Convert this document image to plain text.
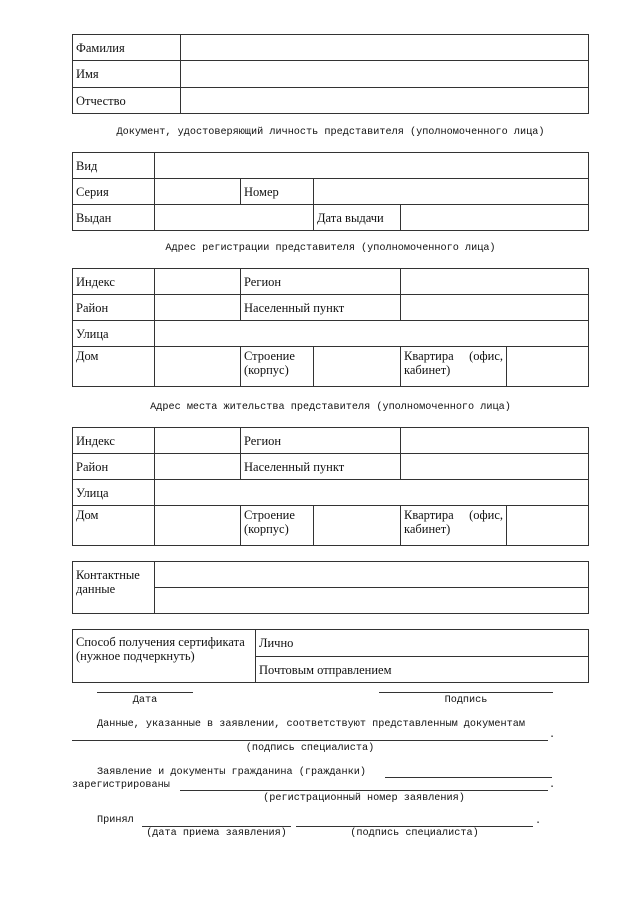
Фамилия	
Имя	
Отчество	
Документ, удостоверяющий личность представителя (уполномоченного лица)
Вид				
Серия		Номер		
Выдан			Дата выдачи	
Адрес регистрации представителя (уполномоченного лица)
Индекс		Регион			
Район		Населенный пункт			
Улица					
Дом		Строение (корпус)		Квартира (офис,
кабинет)	

Адрес места жительства представителя (уполномоченного лица)
Индекс		Регион			
Район		Населенный пункт			
Улица					
Дом		Строение (корпус)		Квартира (офис,
кабинет)	

Контактные данные	

Способ получения сертификата (нужное подчеркнуть)	Лично
Почтовым отправлением
Дата	Подпись
Данные, указанные в заявлении, соответствуют представленным документам
.
(подпись специалиста)
Заявление и документы гражданина (гражданки)
зарегистрированы	.
(регистрационный номер заявления)
Принял	.
(дата приема заявления)	(подпись специалиста)
